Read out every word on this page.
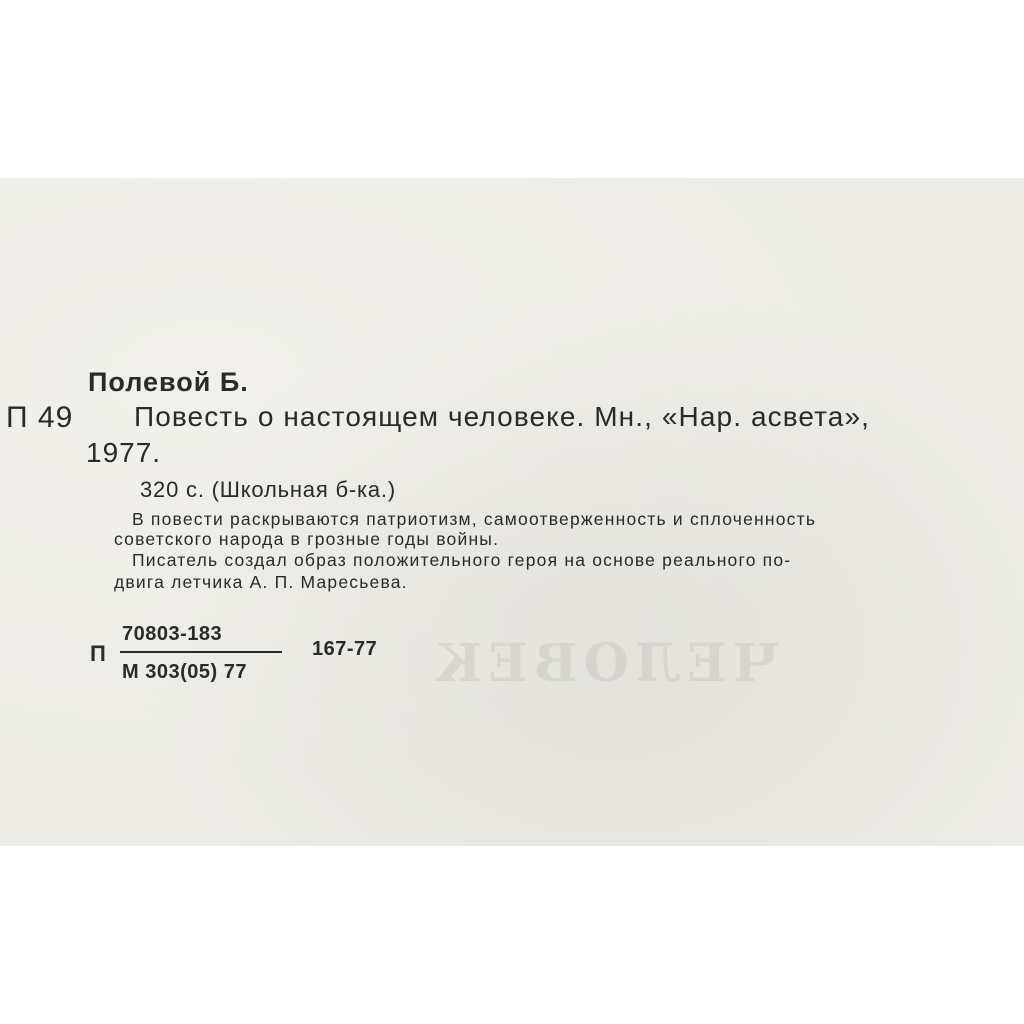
ЧЕЛОВЕК
Полевой Б.
П 49 Повесть о настоящем человеке. Мн., «Нар. асвета»,
1977.
320 с. (Школьная б-ка.)
В повести раскрываются патриотизм, самоотверженность и сплоченность
советского народа в грозные годы войны.
Писатель создал образ положительного героя на основе реального по-
двига летчика А. П. Маресьева.
П
70803-183
М 303(05) 77
167-77
